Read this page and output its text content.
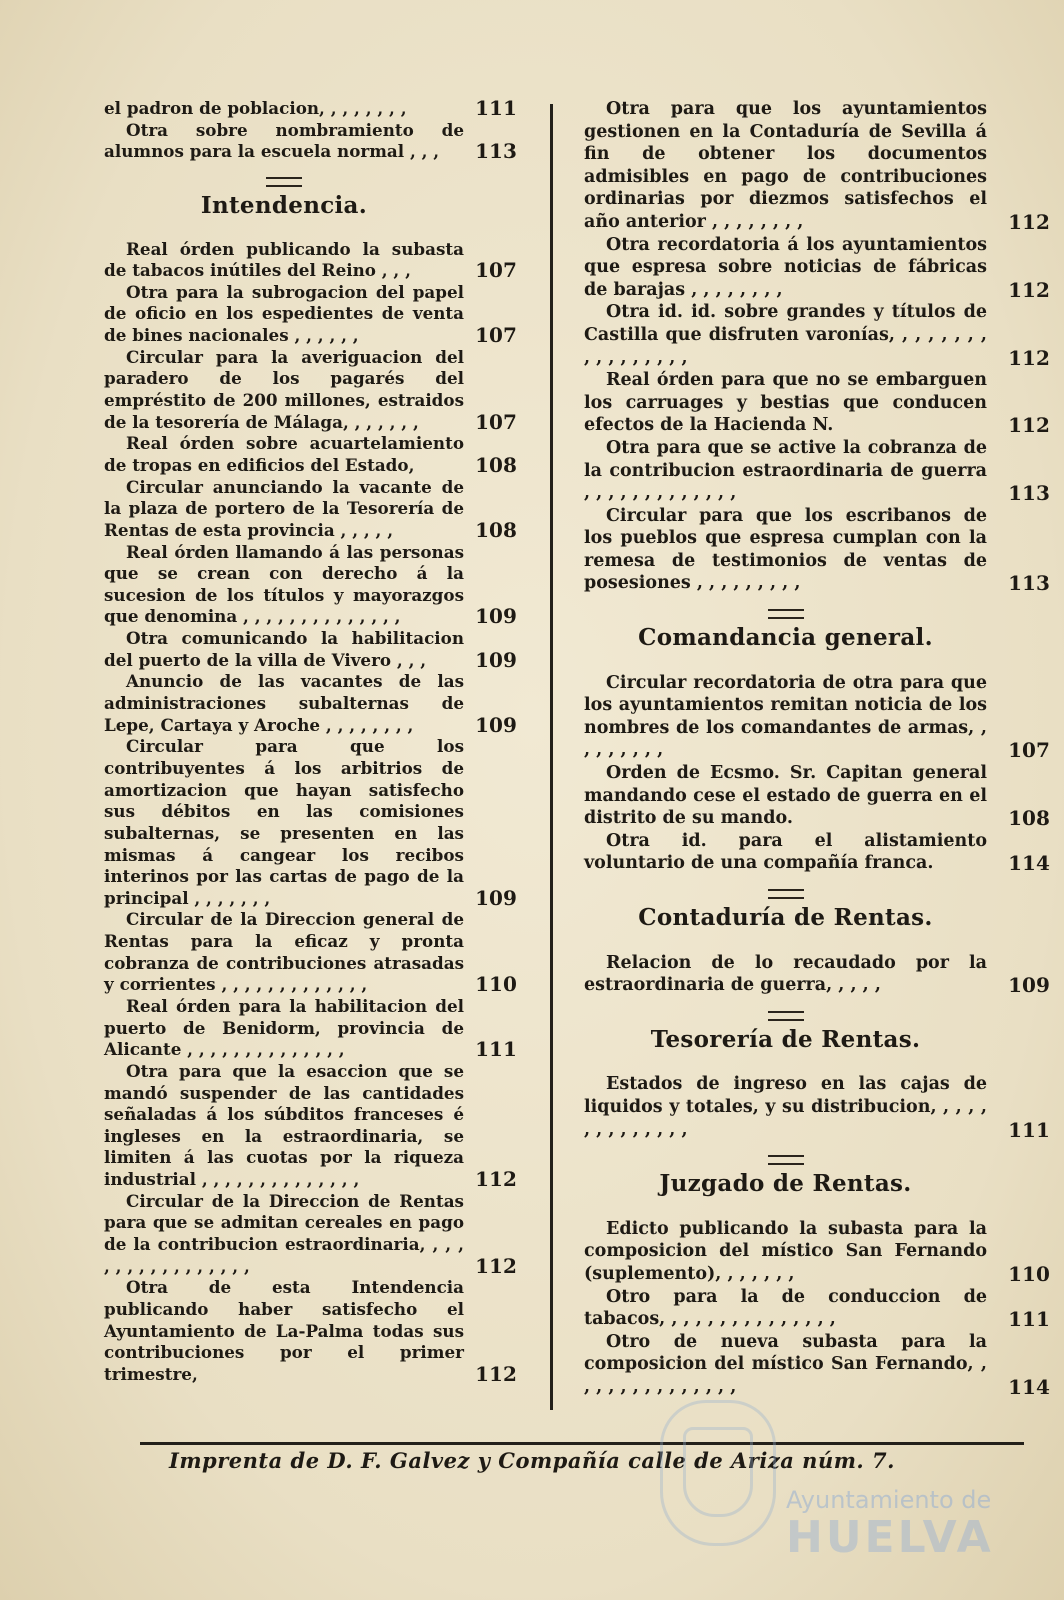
el padron de poblacion, , , , , , , ,	111

Otra sobre nombramiento de alumnos para la escuela normal , , ,	113
Intendencia.

Real órden publicando la subasta de tabacos inútiles del Reino , , ,	107

Otra para la subrogacion del papel de oficio en los espedientes de venta de bines nacionales , , , , , ,	107

Circular para la averiguacion del paradero de los pagarés del empréstito de 200 millones, estraidos de la tesorería de Málaga, , , , , , ,	107

Real órden sobre acuartelamiento de tropas en edificios del Estado,	108

Circular anunciando la vacante de la plaza de portero de la Tesorería de Rentas de esta provincia , , , , ,	108

Real órden llamando á las personas que se crean con derecho á la sucesion de los títulos y mayorazgos que denomina , , , , , , , , , , , , , ,	109

Otra comunicando la habilitacion del puerto de la villa de Vivero , , ,	109

Anuncio de las vacantes de las administraciones subalternas de Lepe, Cartaya y Aroche , , , , , , , ,	109

Circular para que los contribuyentes á los arbitrios de amortizacion que hayan satisfecho sus débitos en las comisiones subalternas, se presenten en las mismas á cangear los recibos interinos por las cartas de pago de la principal , , , , , , ,	109

Circular de la Direccion general de Rentas para la eficaz y pronta cobranza de contribuciones atrasadas y corrientes , , , , , , , , , , , , ,	110

Real órden para la habilitacion del puerto de Benidorm, provincia de Alicante , , , , , , , , , , , , , ,	111

Otra para que la esaccion que se mandó suspender de las cantidades señaladas á los súbditos franceses é ingleses en la estraordinaria, se limiten á las cuotas por la riqueza industrial , , , , , , , , , , , , , ,	112

Circular de la Direccion de Rentas para que se admitan cereales en pago de la contribucion estraordinaria, , , , , , , , , , , , , , , , ,	112

Otra de esta Intendencia publicando haber satisfecho el Ayuntamiento de La-Palma todas sus contribuciones por el primer trimestre,	112

Otra para que los ayuntamientos gestionen en la Contaduría de Sevilla á fin de obtener los documentos admisibles en pago de contribuciones ordinarias por diezmos satisfechos el año anterior , , , , , , , ,	112

Otra recordatoria á los ayuntamientos que espresa sobre noticias de fábricas de barajas , , , , , , , ,	112

Otra id. id. sobre grandes y títulos de Castilla que disfruten varonías, , , , , , , , , , , , , , , , ,	112

Real órden para que no se embarguen los carruages y bestias que conducen efectos de la Hacienda N.	112

Otra para que se active la cobranza de la contribucion estraordinaria de guerra , , , , , , , , , , , , ,	113

Circular para que los escribanos de los pueblos que espresa cumplan con la remesa de testimonios de ventas de posesiones , , , , , , , , ,	113
Comandancia general.

Circular recordatoria de otra para que los ayuntamientos remitan noticia de los nombres de los comandantes de armas, , , , , , , , ,	107

Orden de Ecsmo. Sr. Capitan general mandando cese el estado de guerra en el distrito de su mando.	108

Otra id. para el alistamiento voluntario de una compañía franca.	114
Contaduría de Rentas.

Relacion de lo recaudado por la estraordinaria de guerra, , , , ,	109
Tesorería de Rentas.

Estados de ingreso en las cajas de liquidos y totales, y su distribucion, , , , , , , , , , , , , ,	111
Juzgado de Rentas.

Edicto publicando la subasta para la composicion del místico San Fernando (suplemento), , , , , , ,	110

Otro para la de conduccion de tabacos, , , , , , , , , , , , , , ,	111

Otro de nueva subasta para la composicion del místico San Fernando, , , , , , , , , , , , , , ,	114
Imprenta de D. F. Galvez y Compañía calle de Ariza núm. 7.
Ayuntamiento de
HUELVA
